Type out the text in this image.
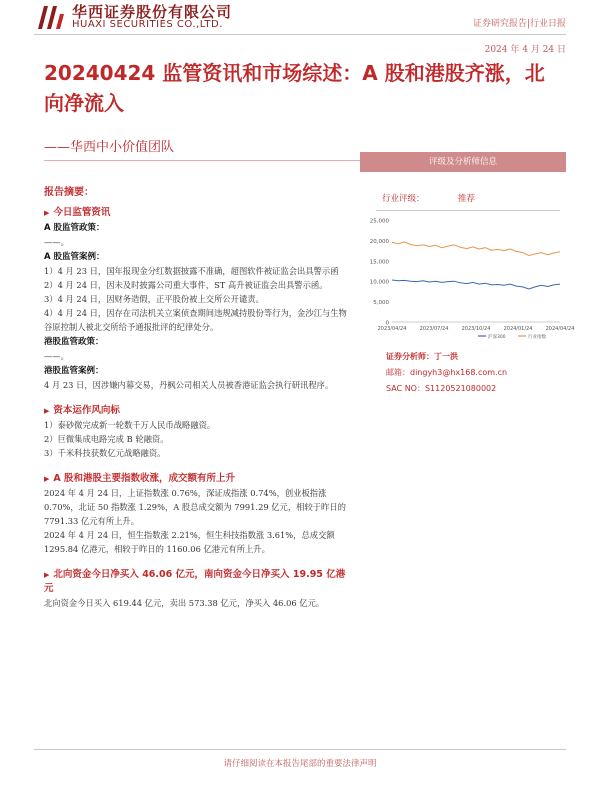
华西证券股份有限公司
HUAXI SECURITIES CO.,LTD.	证券研究报告|行业日报
2024 年 4 月 24 日
20240424 监管资讯和市场综述：A 股和港股齐涨，北向净流入
——华西中小价值团队
报告摘要：
▶ 今日监管资讯
A 股监管政策：
——。
A 股监管案例：
1）4 月 23 日，国年报现金分红数据披露不准确，超图软件被证监会出具警示函
2）4 月 24 日，因未及时披露公司重大事件，ST 高升被证监会出具警示函。
3）4 月 24 日，因财务造假，正平股份被上交所公开谴责。
4）4 月 24 日，因存在司法机关立案侦查期间违规减持股份等行为，金沙江与生物谷原控制人被北交所给予通报批评的纪律处分。
港股监管政策：
——。
港股监管案例：
4 月 23 日，因涉嫌内幕交易，丹枫公司相关人员被香港证监会执行研讯程序。
▶ 资本运作风向标
1）泰砂微完成新一轮数千万人民币战略融资。
2）巨微集成电路完成 B 轮融资。
3）千米科技获数亿元战略融资。
▶ A 股和港股主要指数收涨，成交额有所上升
2024 年 4 月 24 日，上证指数涨 0.76%，深证成指涨 0.74%，创业板指涨 0.70%，北证 50 指数涨 1.29%，A 股总成交额为 7991.29 亿元，相较于昨日的 7791.33 亿元有所上升。
2024 年 4 月 24 日，恒生指数涨 2.21%，恒生科技指数涨 3.61%，总成交额 1295.84 亿港元，相较于昨日的 1160.06 亿港元有所上升。
▶ 北向资金今日净买入 46.06 亿元，南向资金今日净买入 19.95 亿港元
北向资金今日买入 619.44 亿元，卖出 573.38 亿元，净买入 46.06 亿元。
评级及分析师信息
行业评级：	推荐
25,000
20,000
15,000
10,000
5,000
0
2023/04/24	2023/07/24	2023/10/24	2024/01/24	2024/04/24
沪深300	行业指数
证券分析师：丁一洪
邮箱：dingyh3@hx168.com.cn
SAC NO：S1120521080002
请仔细阅读在本报告尾部的重要法律声明
